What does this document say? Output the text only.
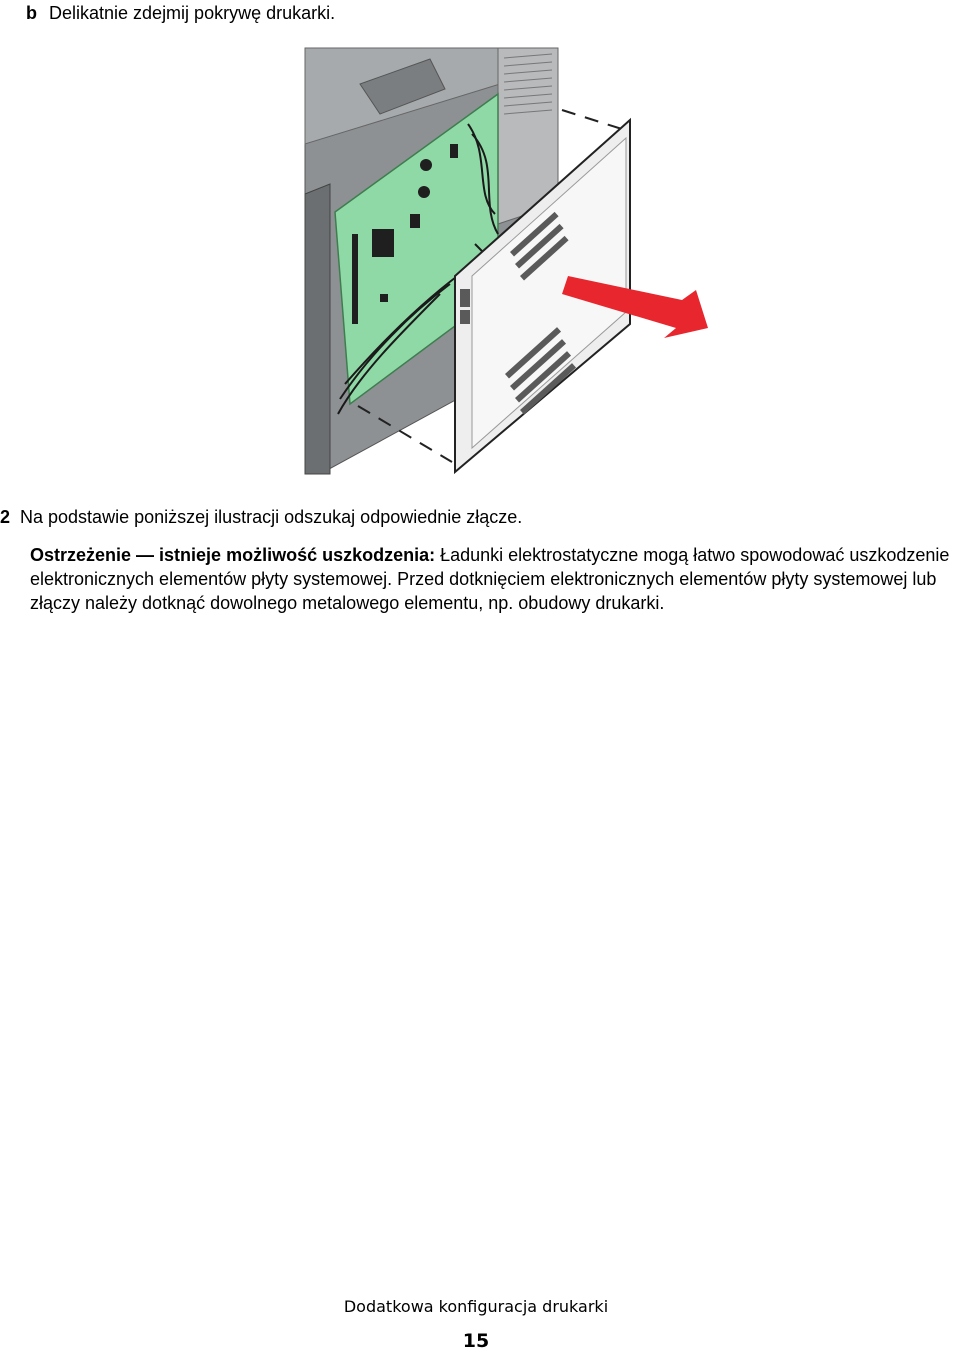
b Delikatnie zdejmij pokrywę drukarki.
2 Na podstawie poniższej ilustracji odszukaj odpowiednie złącze.
Ostrzeżenie — istnieje możliwość uszkodzenia: Ładunki elektrostatyczne mogą łatwo spowodować uszkodzenie elektronicznych elementów płyty systemowej. Przed dotknięciem elektronicznych elementów płyty systemowej lub złączy należy dotknąć dowolnego metalowego elementu, np. obudowy drukarki.
Dodatkowa konfiguracja drukarki
15
